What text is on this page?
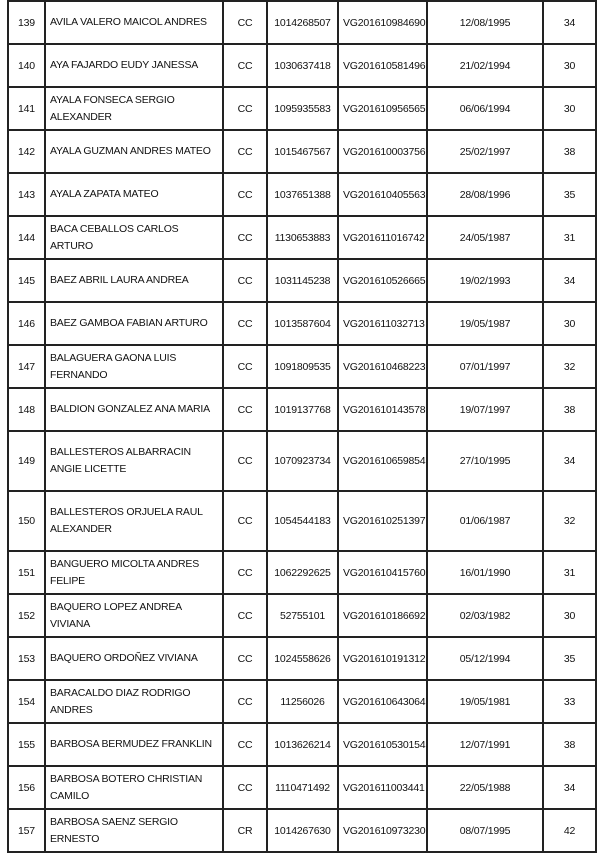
139	AVILA VALERO MAICOL ANDRES	CC	1014268507	VG201610984690	12/08/1995	34
140	AYA FAJARDO EUDY JANESSA	CC	1030637418	VG201610581496	21/02/1994	30
141	AYALA FONSECA SERGIO ALEXANDER	CC	1095935583	VG201610956565	06/06/1994	30
142	AYALA GUZMAN ANDRES MATEO	CC	1015467567	VG201610003756	25/02/1997	38
143	AYALA ZAPATA MATEO	CC	1037651388	VG201610405563	28/08/1996	35
144	BACA CEBALLOS CARLOS ARTURO	CC	1130653883	VG201611016742	24/05/1987	31
145	BAEZ ABRIL LAURA ANDREA	CC	1031145238	VG201610526665	19/02/1993	34
146	BAEZ GAMBOA FABIAN ARTURO	CC	1013587604	VG201611032713	19/05/1987	30
147	BALAGUERA GAONA LUIS FERNANDO	CC	1091809535	VG201610468223	07/01/1997	32
148	BALDION GONZALEZ ANA MARIA	CC	1019137768	VG201610143578	19/07/1997	38
149	BALLESTEROS ALBARRACIN ANGIE LICETTE	CC	1070923734	VG201610659854	27/10/1995	34
150	BALLESTEROS ORJUELA RAUL ALEXANDER	CC	1054544183	VG201610251397	01/06/1987	32
151	BANGUERO MICOLTA ANDRES FELIPE	CC	1062292625	VG201610415760	16/01/1990	31
152	BAQUERO LOPEZ ANDREA VIVIANA	CC	52755101	VG201610186692	02/03/1982	30
153	BAQUERO ORDOÑEZ VIVIANA	CC	1024558626	VG201610191312	05/12/1994	35
154	BARACALDO DIAZ RODRIGO ANDRES	CC	11256026	VG201610643064	19/05/1981	33
155	BARBOSA BERMUDEZ FRANKLIN	CC	1013626214	VG201610530154	12/07/1991	38
156	BARBOSA BOTERO CHRISTIAN CAMILO	CC	1110471492	VG201611003441	22/05/1988	34
157	BARBOSA SAENZ SERGIO ERNESTO	CR	1014267630	VG201610973230	08/07/1995	42
